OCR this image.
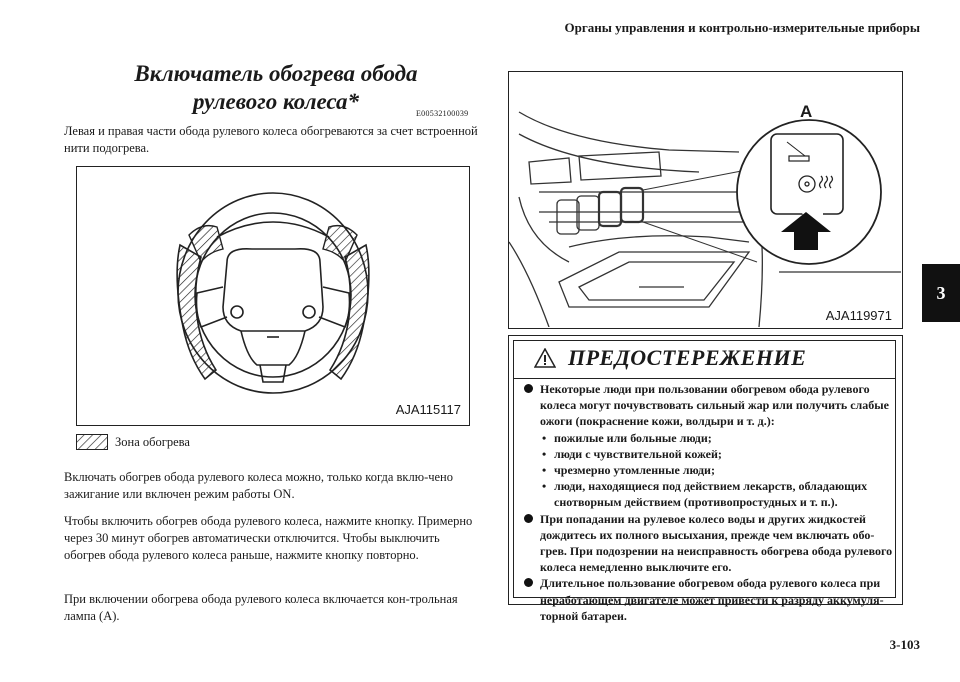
Органы управления и контрольно-измерительные приборы
3
3-103
Включатель обогрева обода
рулевого колеса*	E00532100039
Левая и правая части обода рулевого колеса обогреваются за счет встроенной нити подогрева.
AJA115117
Зона обогрева
Включать обогрев обода рулевого колеса можно, только когда вклю-чено зажигание или включен режим работы ON.
Чтобы включить обогрев обода рулевого колеса, нажмите кнопку. Примерно через 30 минут обогрев автоматически отключится. Чтобы выключить обогрев обода рулевого колеса раньше, нажмите кнопку повторно.
При включении обогрева обода рулевого колеса включается кон-трольная лампа (А).
A
AJA119971
ПРЕДОСТЕРЕЖЕНИЕ
Некоторые люди при пользовании обогревом обода рулевого колеса могут почувствовать сильный жар или получить слабые ожоги (покраснение кожи, волдыри и т. д.):
• пожилые или больные люди;
• люди с чувствительной кожей;
• чрезмерно утомленные люди;
• люди, находящиеся под действием лекарств, обладающих снотворным действием (противопростудных и т. п.).
При попадании на рулевое колесо воды и других жидкостей дождитесь их полного высыхания, прежде чем включать обо-грев. При подозрении на неисправность обогрева обода рулевого колеса немедленно выключите его.
Длительное пользование обогревом обода рулевого колеса при неработающем двигателе может привести к разряду аккумуля-торной батареи.
